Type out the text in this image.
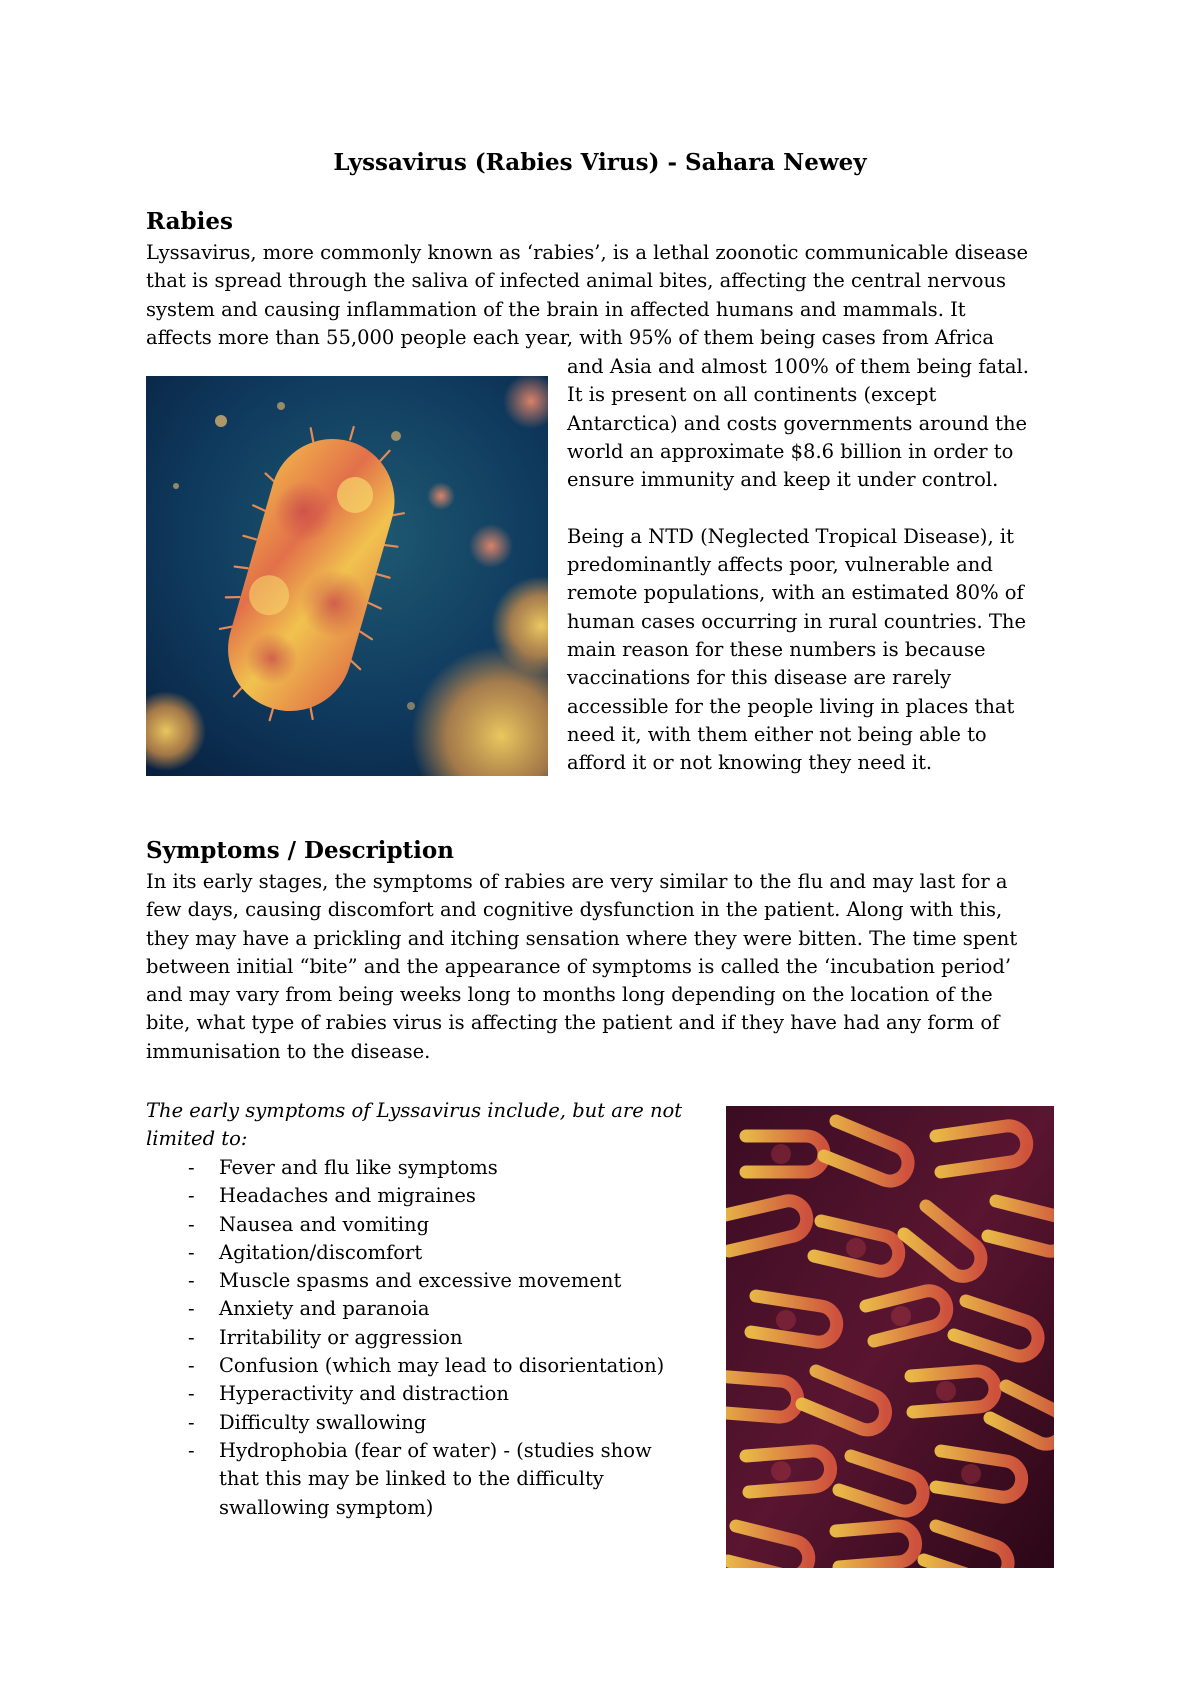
Lyssavirus (Rabies Virus) - Sahara Newey
Rabies
Lyssavirus, more commonly known as ‘rabies’, is a lethal zoonotic communicable disease
that is spread through the saliva of infected animal bites, affecting the central nervous
system and causing inflammation of the brain in affected humans and mammals. It
affects more than 55,000 people each year, with 95% of them being cases from Africa
and Asia and almost 100% of them being fatal.
It is present on all continents (except
Antarctica) and costs governments around the
world an approximate $8.6 billion in order to
ensure immunity and keep it under control.

Being a NTD (Neglected Tropical Disease), it
predominantly affects poor, vulnerable and
remote populations, with an estimated 80% of
human cases occurring in rural countries. The
main reason for these numbers is because
vaccinations for this disease are rarely
accessible for the people living in places that
need it, with them either not being able to
afford it or not knowing they need it.
Symptoms / Description
In its early stages, the symptoms of rabies are very similar to the flu and may last for a
few days, causing discomfort and cognitive dysfunction in the patient. Along with this,
they may have a prickling and itching sensation where they were bitten. The time spent
between initial “bite” and the appearance of symptoms is called the ‘incubation period’
and may vary from being weeks long to months long depending on the location of the
bite, what type of rabies virus is affecting the patient and if they have had any form of
immunisation to the disease.
The early symptoms of Lyssavirus include, but are not
limited to:
- Fever and flu like symptoms
- Headaches and migraines
- Nausea and vomiting
- Agitation/discomfort
- Muscle spasms and excessive movement
- Anxiety and paranoia
- Irritability or aggression
- Confusion (which may lead to disorientation)
- Hyperactivity and distraction
- Difficulty swallowing
- Hydrophobia (fear of water) - (studies show
that this may be linked to the difficulty
swallowing symptom)
